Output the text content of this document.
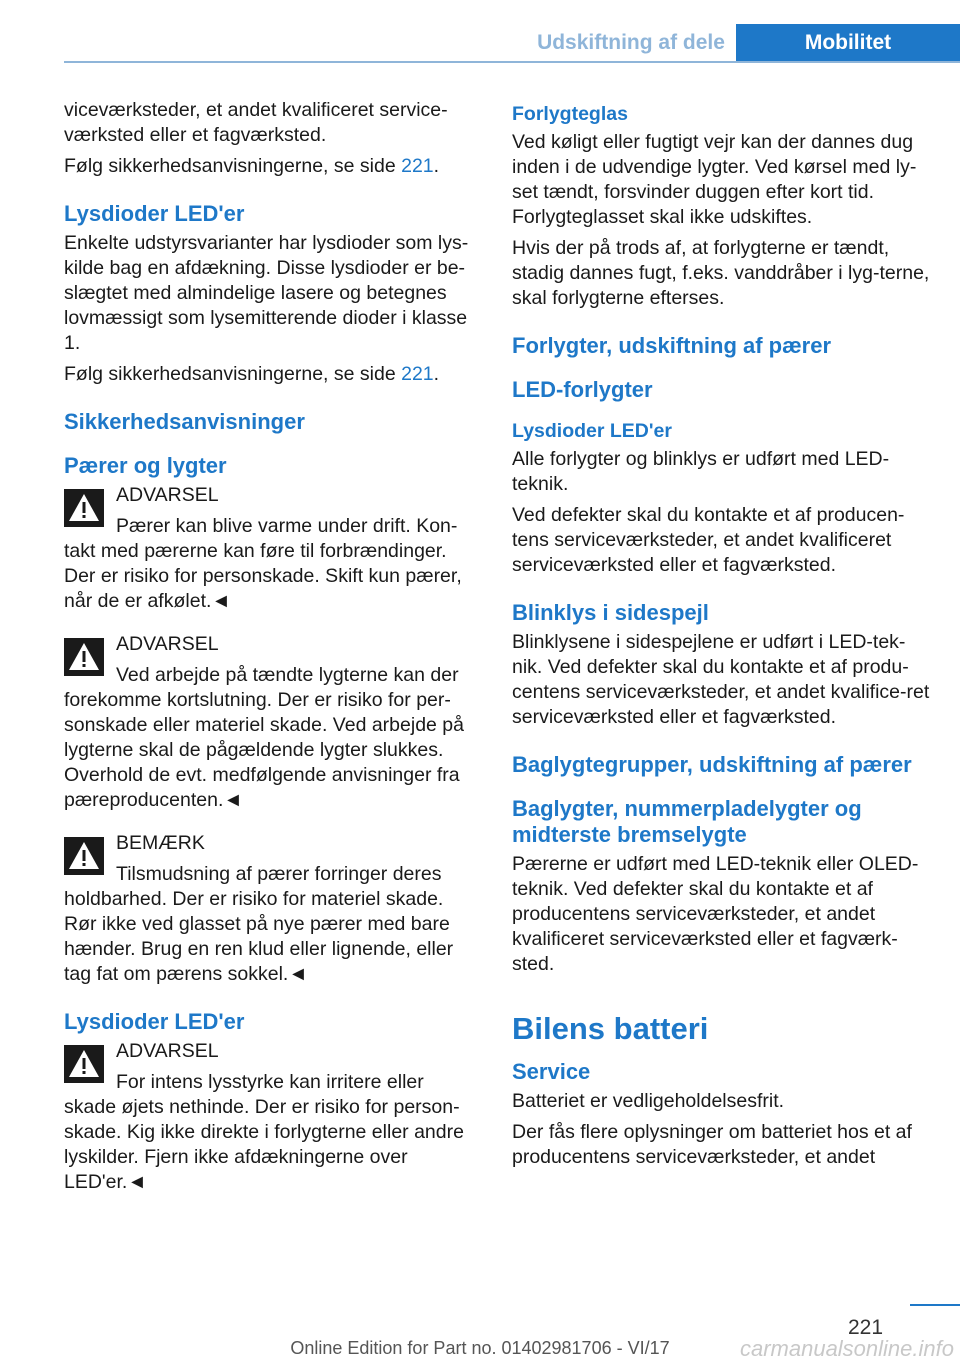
Udskiftning af dele	Mobilitet

viceværksteder, et andet kvalificeret service-værksted eller et fagværksted.

Følg sikkerhedsanvisningerne, se side 221.

Lysdioder LED'er

Enkelte udstyrsvarianter har lysdioder som lys-kilde bag en afdækning. Disse lysdioder er be-slægtet med almindelige lasere og betegnes lovmæssigt som lysemitterende dioder i klasse 1.

Følg sikkerhedsanvisningerne, se side 221.

Sikkerhedsanvisninger
Pærer og lygter
ADVARSEL

Pærer kan blive varme under drift. Kon-takt med pærerne kan føre til forbrændinger. Der er risiko for personskade. Skift kun pærer, når de er afkølet.◄

ADVARSEL

Ved arbejde på tændte lygterne kan der forekomme kortslutning. Der er risiko for per-sonskade eller materiel skade. Ved arbejde på lygterne skal de pågældende lygter slukkes. Overhold de evt. medfølgende anvisninger fra pæreproducenten.◄

BEMÆRK

Tilsmudsning af pærer forringer deres holdbarhed. Der er risiko for materiel skade. Rør ikke ved glasset på nye pærer med bare hænder. Brug en ren klud eller lignende, eller tag fat om pærens sokkel.◄

Lysdioder LED'er
ADVARSEL

For intens lysstyrke kan irritere eller skade øjets nethinde. Der er risiko for person-skade. Kig ikke direkte i forlygterne eller andre lyskilder. Fjern ikke afdækningerne over LED'er.◄

Forlygteglas

Ved køligt eller fugtigt vejr kan der dannes dug inden i de udvendige lygter. Ved kørsel med ly-set tændt, forsvinder duggen efter kort tid. Forlygteglasset skal ikke udskiftes.

Hvis der på trods af, at forlygterne er tændt, stadig dannes fugt, f.eks. vanddråber i lyg-terne, skal forlygterne efterses.

Forlygter, udskiftning af pærer
LED-forlygter
Lysdioder LED'er

Alle forlygter og blinklys er udført med LED-teknik.

Ved defekter skal du kontakte et af producen-tens serviceværksteder, et andet kvalificeret serviceværksted eller et fagværksted.

Blinklys i sidespejl

Blinklysene i sidespejlene er udført i LED-tek-nik. Ved defekter skal du kontakte et af produ-centens serviceværksteder, et andet kvalifice-ret serviceværksted eller et fagværksted.

Baglygtegrupper, udskiftning af pærer
Baglygter, nummerpladelygter og midterste bremselygte

Pærerne er udført med LED-teknik eller OLED-teknik. Ved defekter skal du kontakte et af producentens serviceværksteder, et andet kvalificeret serviceværksted eller et fagværk-sted.

Bilens batteri
Service

Batteriet er vedligeholdelsesfrit.

Der fås flere oplysninger om batteriet hos et af producentens serviceværksteder, et andet

221
Online Edition for Part no. 01402981706 - VI/17	carmanualsonline.info
